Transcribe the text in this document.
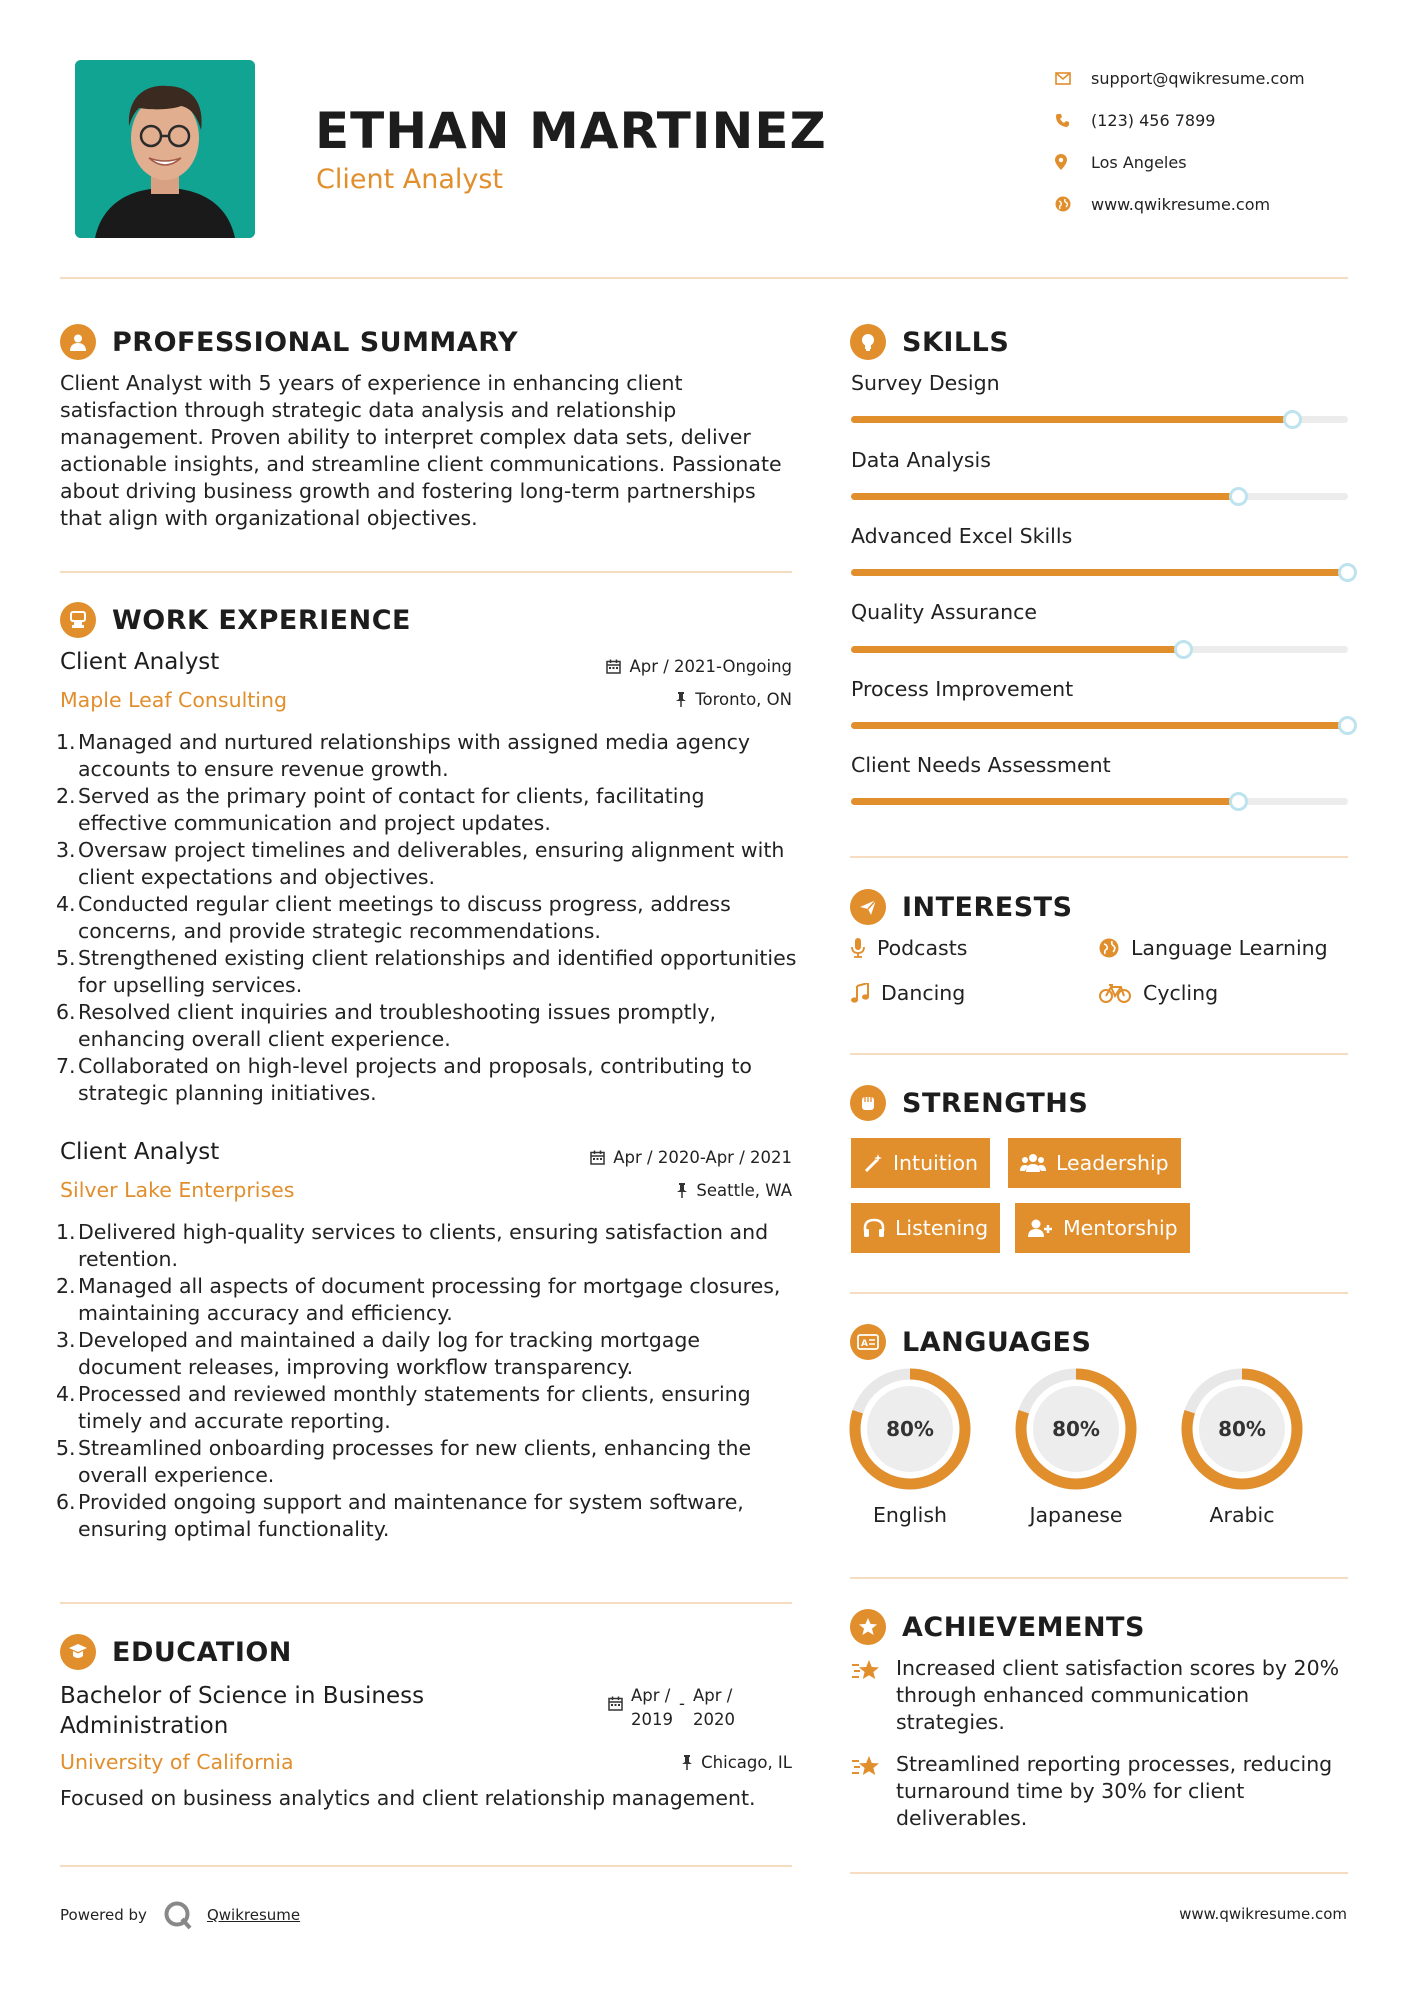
ETHAN MARTINEZ
Client Analyst
support@qwikresume.com
(123) 456 7899
Los Angeles
www.qwikresume.com
PROFESSIONAL SUMMARY
Client Analyst with 5 years of experience in enhancing client satisfaction through strategic data analysis and relationship management. Proven ability to interpret complex data sets, deliver actionable insights, and streamline client communications. Passionate about driving business growth and fostering long-term partnerships that align with organizational objectives.
WORK EXPERIENCE
Client Analyst
Maple Leaf Consulting
Apr / 2021-Ongoing
Toronto, ON
1. Managed and nurtured relationships with assigned media agency accounts to ensure revenue growth.
2. Served as the primary point of contact for clients, facilitating effective communication and project updates.
3. Oversaw project timelines and deliverables, ensuring alignment with client expectations and objectives.
4. Conducted regular client meetings to discuss progress, address concerns, and provide strategic recommendations.
5. Strengthened existing client relationships and identified opportunities for upselling services.
6. Resolved client inquiries and troubleshooting issues promptly, enhancing overall client experience.
7. Collaborated on high-level projects and proposals, contributing to strategic planning initiatives.
Client Analyst
Silver Lake Enterprises
Apr / 2020-Apr / 2021
Seattle, WA
1. Delivered high-quality services to clients, ensuring satisfaction and retention.
2. Managed all aspects of document processing for mortgage closures, maintaining accuracy and efficiency.
3. Developed and maintained a daily log for tracking mortgage document releases, improving workflow transparency.
4. Processed and reviewed monthly statements for clients, ensuring timely and accurate reporting.
5. Streamlined onboarding processes for new clients, enhancing the overall experience.
6. Provided ongoing support and maintenance for system software, ensuring optimal functionality.
EDUCATION
Bachelor of Science in Business Administration
University of California
Apr / 2019
- Apr / 2020
Chicago, IL
Focused on business analytics and client relationship management.
SKILLS
Survey Design
Data Analysis
Advanced Excel Skills
Quality Assurance
Process Improvement
Client Needs Assessment
INTERESTS
Podcasts	Language Learning
Dancing	Cycling
STRENGTHS
Intuition	Leadership
Listening	Mentorship
A LANGUAGES
80%
English
80%
Japanese
80%
Arabic
ACHIEVEMENTS
Increased client satisfaction scores by 20% through enhanced communication strategies.
Streamlined reporting processes, reducing turnaround time by 30% for client deliverables.
Powered by	Qwikresume	www.qwikresume.com
